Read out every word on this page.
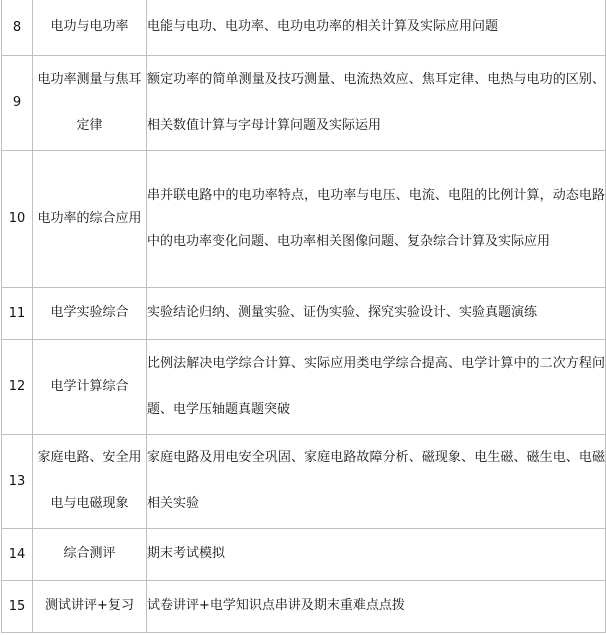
8	电功与电功率	电能与电功、电功率、电功电功率的相关计算及实际应用问题
9	电功率测量与焦耳定律	额定功率的简单测量及技巧测量、电流热效应、焦耳定律、电热与电功的区别、相关数值计算与字母计算问题及实际运用
10	电功率的综合应用	串并联电路中的电功率特点，电功率与电压、电流、电阻的比例计算，动态电路中的电功率变化问题、电功率相关图像问题、复杂综合计算及实际应用
11	电学实验综合	实验结论归纳、测量实验、证伪实验、探究实验设计、实验真题演练
12	电学计算综合	比例法解决电学综合计算、实际应用类电学综合提高、电学计算中的二次方程问题、电学压轴题真题突破
13	家庭电路、安全用电与电磁现象	家庭电路及用电安全巩固、家庭电路故障分析、磁现象、电生磁、磁生电、电磁相关实验
14	综合测评	期末考试模拟
15	测试讲评+复习	试卷讲评+电学知识点串讲及期末重难点点拨
